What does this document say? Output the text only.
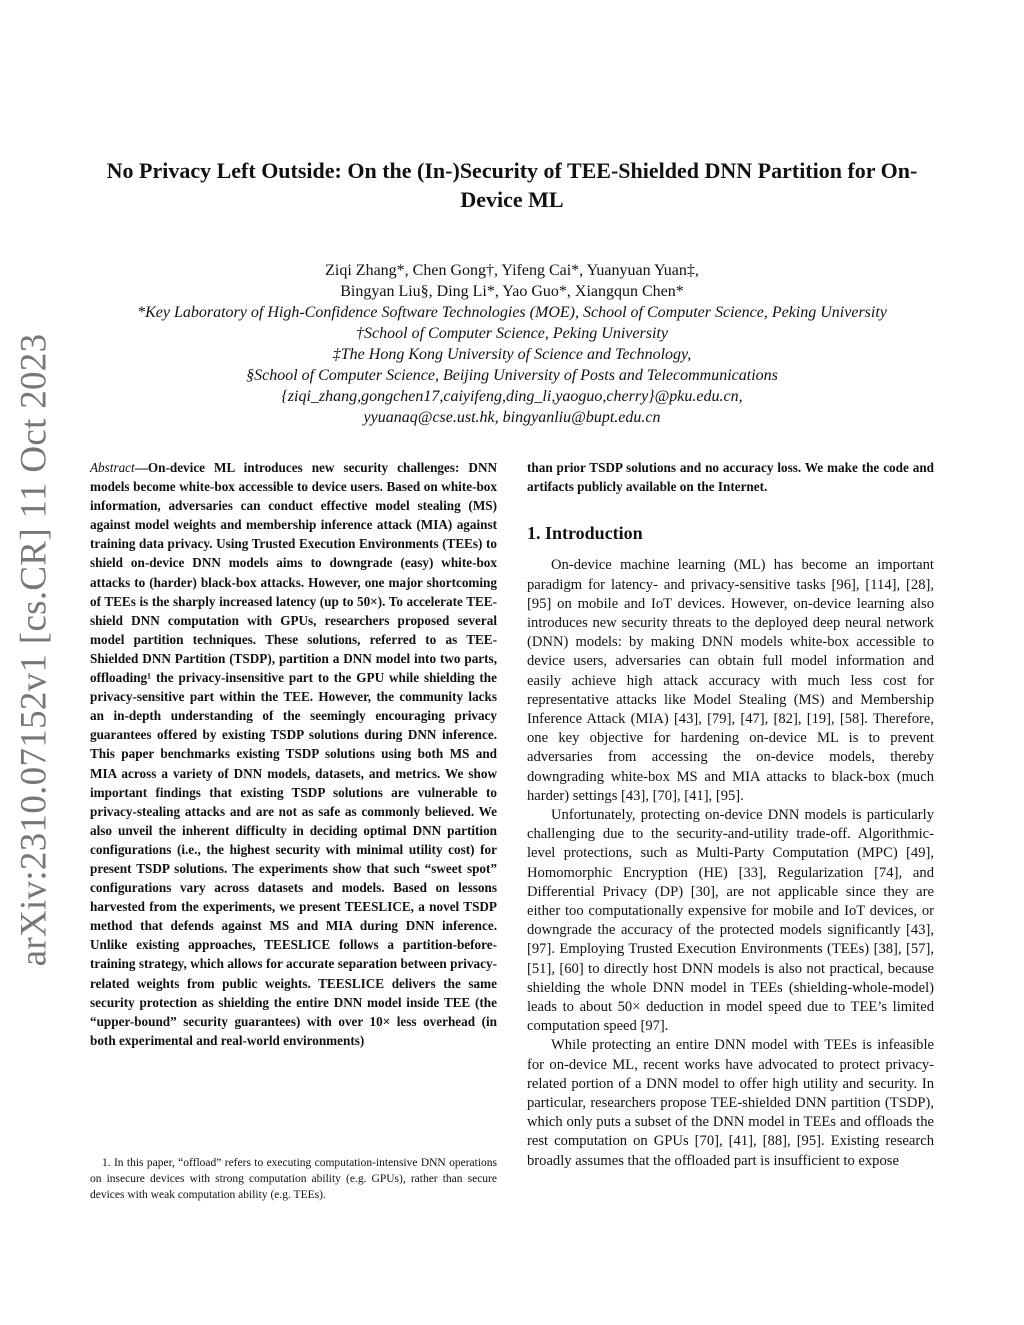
arXiv:2310.07152v1 [cs.CR] 11 Oct 2023
No Privacy Left Outside: On the (In-)Security of TEE-Shielded DNN Partition for On-Device ML
Ziqi Zhang*, Chen Gong†, Yifeng Cai*, Yuanyuan Yuan‡,
Bingyan Liu§, Ding Li*, Yao Guo*, Xiangqun Chen*
*Key Laboratory of High-Confidence Software Technologies (MOE), School of Computer Science, Peking University
†School of Computer Science, Peking University
‡The Hong Kong University of Science and Technology,
§School of Computer Science, Beijing University of Posts and Telecommunications
{ziqi_zhang,gongchen17,caiyifeng,ding_li,yaoguo,cherry}@pku.edu.cn,
yyuanaq@cse.ust.hk, bingyanliu@bupt.edu.cn

Abstract—On-device ML introduces new security challenges: DNN models become white-box accessible to device users. Based on white-box information, adversaries can conduct effective model stealing (MS) against model weights and membership inference attack (MIA) against training data privacy. Using Trusted Execution Environments (TEEs) to shield on-device DNN models aims to downgrade (easy) white-box attacks to (harder) black-box attacks. However, one major shortcoming of TEEs is the sharply increased latency (up to 50×). To accelerate TEE-shield DNN computation with GPUs, researchers proposed several model partition techniques. These solutions, referred to as TEE-Shielded DNN Partition (TSDP), partition a DNN model into two parts, offloading¹ the privacy-insensitive part to the GPU while shielding the privacy-sensitive part within the TEE. However, the community lacks an in-depth understanding of the seemingly encouraging privacy guarantees offered by existing TSDP solutions during DNN inference. This paper benchmarks existing TSDP solutions using both MS and MIA across a variety of DNN models, datasets, and metrics. We show important findings that existing TSDP solutions are vulnerable to privacy-stealing attacks and are not as safe as commonly believed. We also unveil the inherent difficulty in deciding optimal DNN partition configurations (i.e., the highest security with minimal utility cost) for present TSDP solutions. The experiments show that such “sweet spot” configurations vary across datasets and models. Based on lessons harvested from the experiments, we present TEESLICE, a novel TSDP method that defends against MS and MIA during DNN inference. Unlike existing approaches, TEESLICE follows a partition-before-training strategy, which allows for accurate separation between privacy-related weights from public weights. TEESLICE delivers the same security protection as shielding the entire DNN model inside TEE (the “upper-bound” security guarantees) with over 10× less overhead (in both experimental and real-world environments)

1. In this paper, “offload” refers to executing computation-intensive DNN operations on insecure devices with strong computation ability (e.g. GPUs), rather than secure devices with weak computation ability (e.g. TEEs).

than prior TSDP solutions and no accuracy loss. We make the code and artifacts publicly available on the Internet.

1. Introduction

On-device machine learning (ML) has become an important paradigm for latency- and privacy-sensitive tasks [96], [114], [28], [95] on mobile and IoT devices. However, on-device learning also introduces new security threats to the deployed deep neural network (DNN) models: by making DNN models white-box accessible to device users, adversaries can obtain full model information and easily achieve high attack accuracy with much less cost for representative attacks like Model Stealing (MS) and Membership Inference Attack (MIA) [43], [79], [47], [82], [19], [58]. Therefore, one key objective for hardening on-device ML is to prevent adversaries from accessing the on-device models, thereby downgrading white-box MS and MIA attacks to black-box (much harder) settings [43], [70], [41], [95].

Unfortunately, protecting on-device DNN models is particularly challenging due to the security-and-utility trade-off. Algorithmic-level protections, such as Multi-Party Computation (MPC) [49], Homomorphic Encryption (HE) [33], Regularization [74], and Differential Privacy (DP) [30], are not applicable since they are either too computationally expensive for mobile and IoT devices, or downgrade the accuracy of the protected models significantly [43], [97]. Employing Trusted Execution Environments (TEEs) [38], [57], [51], [60] to directly host DNN models is also not practical, because shielding the whole DNN model in TEEs (shielding-whole-model) leads to about 50× deduction in model speed due to TEE’s limited computation speed [97].

While protecting an entire DNN model with TEEs is infeasible for on-device ML, recent works have advocated to protect privacy-related portion of a DNN model to offer high utility and security. In particular, researchers propose TEE-shielded DNN partition (TSDP), which only puts a subset of the DNN model in TEEs and offloads the rest computation on GPUs [70], [41], [88], [95]. Existing research broadly assumes that the offloaded part is insufficient to expose
